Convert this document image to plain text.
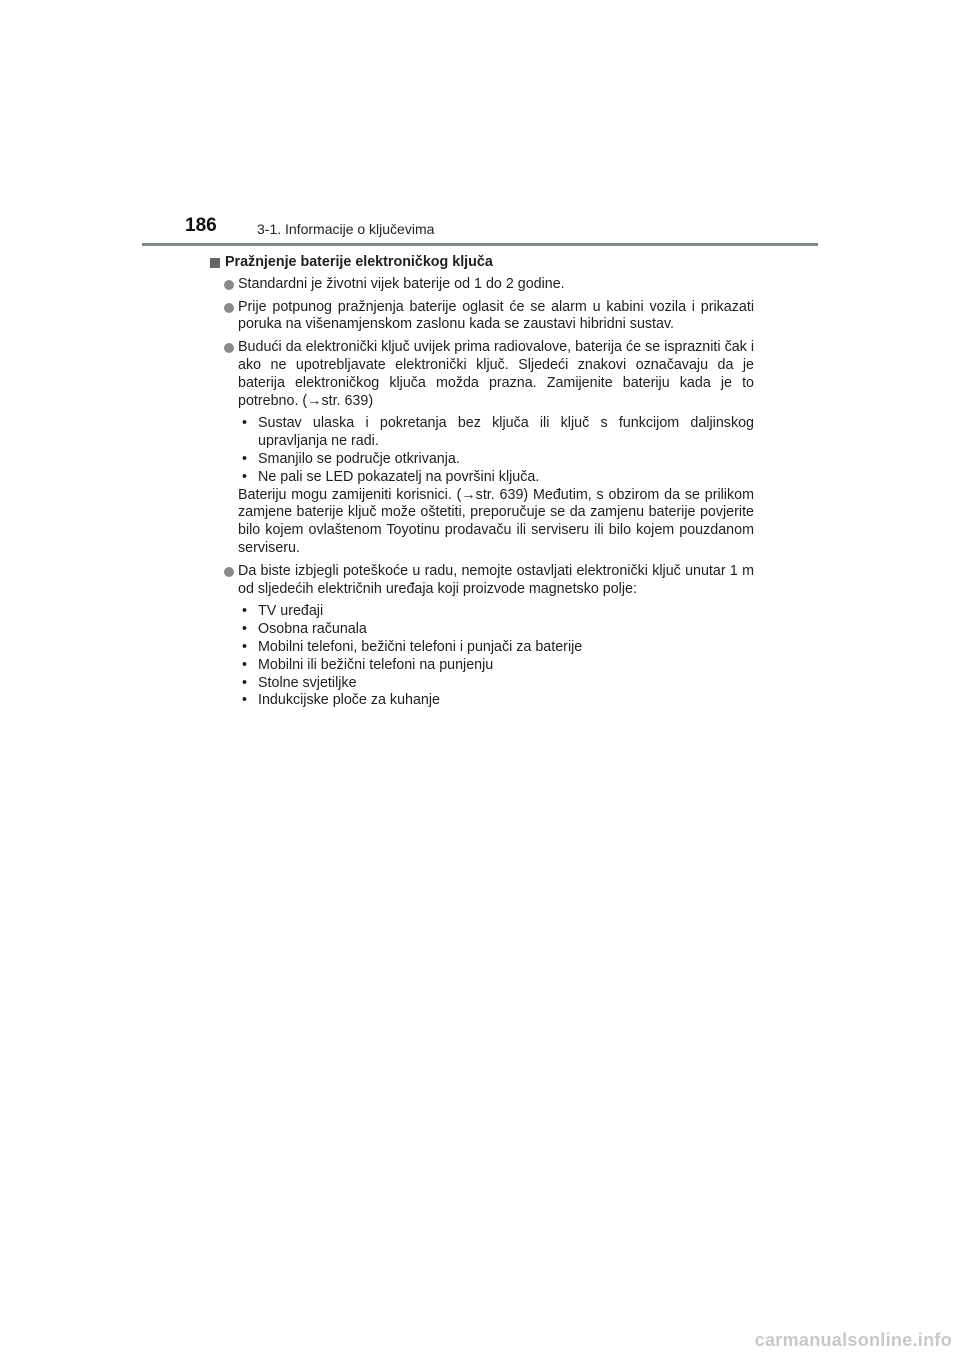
186	3-1. Informacije o ključevima
Pražnjenje baterije elektroničkog ključa
Standardni je životni vijek baterije od 1 do 2 godine.
Prije potpunog pražnjenja baterije oglasit će se alarm u kabini vozila i prikazati poruka na višenamjenskom zaslonu kada se zaustavi hibridni sustav.
Budući da elektronički ključ uvijek prima radiovalove, baterija će se isprazniti čak i ako ne upotrebljavate elektronički ključ. Sljedeći znakovi označavaju da je baterija elektroničkog ključa možda prazna. Zamijenite bateriju kada je to potrebno. (→str. 639)
• Sustav ulaska i pokretanja bez ključa ili ključ s funkcijom daljinskog upravljanja ne radi.
• Smanjilo se područje otkrivanja.
• Ne pali se LED pokazatelj na površini ključa.
Bateriju mogu zamijeniti korisnici. (→str. 639) Međutim, s obzirom da se prilikom zamjene baterije ključ može oštetiti, preporučuje se da zamjenu baterije povjerite bilo kojem ovlaštenom Toyotinu prodavaču ili serviseru ili bilo kojem pouzdanom serviseru.
Da biste izbjegli poteškoće u radu, nemojte ostavljati elektronički ključ unutar 1 m od sljedećih električnih uređaja koji proizvode magnetsko polje:
• TV uređaji
• Osobna računala
• Mobilni telefoni, bežični telefoni i punjači za baterije
• Mobilni ili bežični telefoni na punjenju
• Stolne svjetiljke
• Indukcijske ploče za kuhanje
carmanualsonline.info
